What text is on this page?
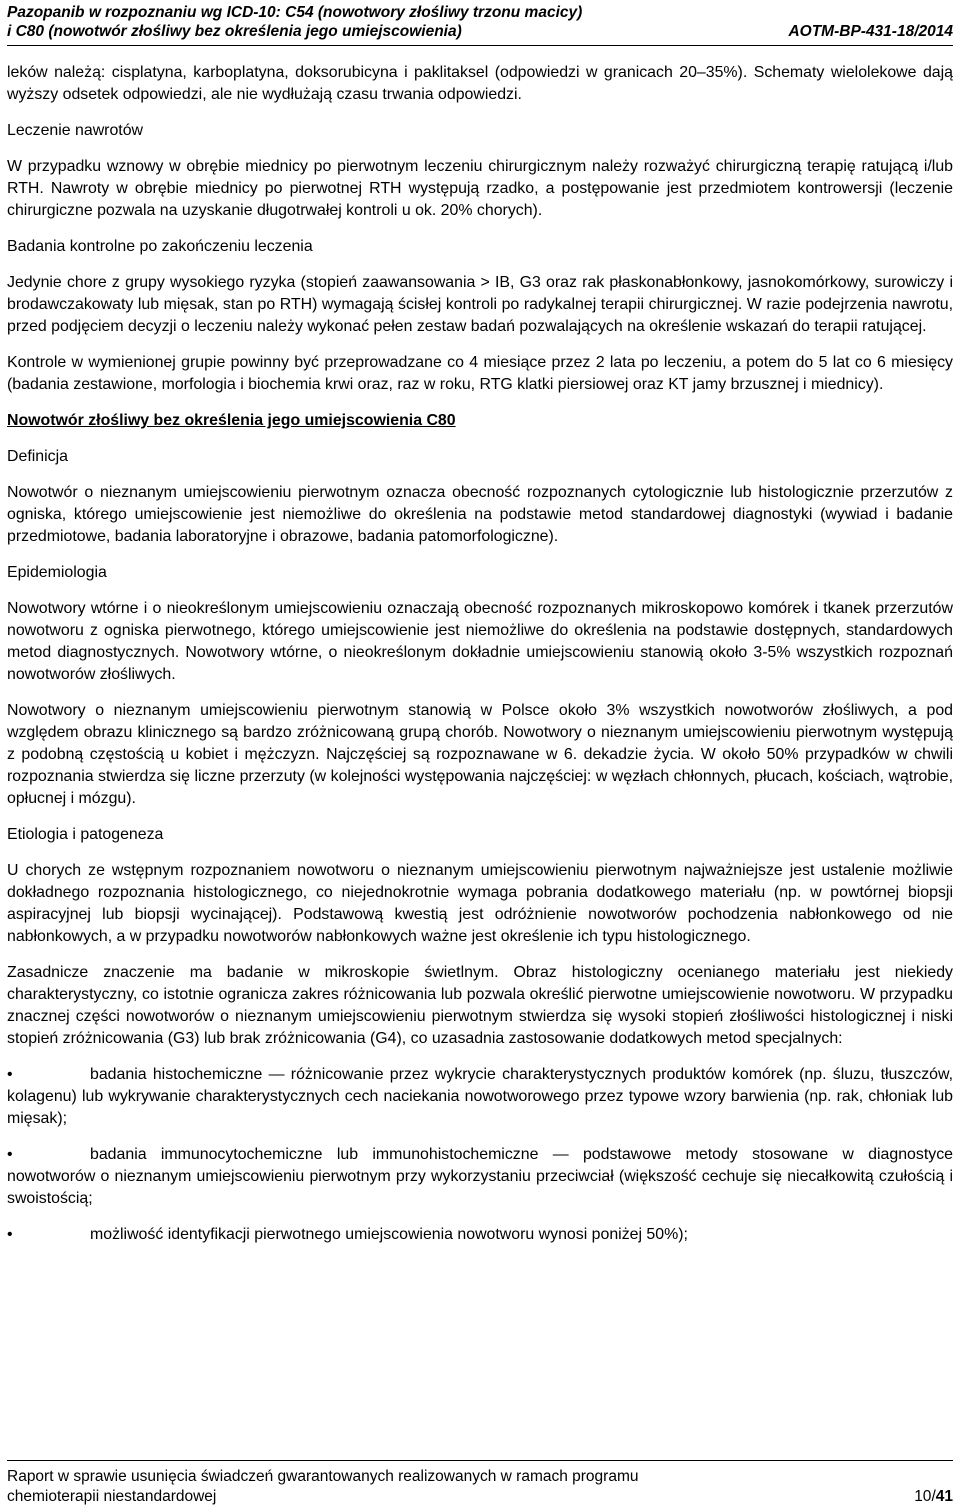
Pazopanib w rozpoznaniu wg ICD-10: C54 (nowotwory złośliwy trzonu macicy)
i C80 (nowotwór złośliwy bez określenia jego umiejscowienia)	AOTM-BP-431-18/2014

leków należą: cisplatyna, karboplatyna, doksorubicyna i paklitaksel (odpowiedzi w granicach 20–35%). Schematy wielolekowe dają wyższy odsetek odpowiedzi, ale nie wydłużają czasu trwania odpowiedzi.

Leczenie nawrotów

W przypadku wznowy w obrębie miednicy po pierwotnym leczeniu chirurgicznym należy rozważyć chirurgiczną terapię ratującą i/lub RTH. Nawroty w obrębie miednicy po pierwotnej RTH występują rzadko, a postępowanie jest przedmiotem kontrowersji (leczenie chirurgiczne pozwala na uzyskanie długotrwałej kontroli u ok. 20% chorych).

Badania kontrolne po zakończeniu leczenia

Jedynie chore z grupy wysokiego ryzyka (stopień zaawansowania > IB, G3 oraz rak płaskonabłonkowy, jasnokomórkowy, surowiczy i brodawczakowaty lub mięsak, stan po RTH) wymagają ścisłej kontroli po radykalnej terapii chirurgicznej. W razie podejrzenia nawrotu, przed podjęciem decyzji o leczeniu należy wykonać pełen zestaw badań pozwalających na określenie wskazań do terapii ratującej.

Kontrole w wymienionej grupie powinny być przeprowadzane co 4 miesiące przez 2 lata po leczeniu, a potem do 5 lat co 6 miesięcy (badania zestawione, morfologia i biochemia krwi oraz, raz w roku, RTG klatki piersiowej oraz KT jamy brzusznej i miednicy).

Nowotwór złośliwy bez określenia jego umiejscowienia C80

Definicja

Nowotwór o nieznanym umiejscowieniu pierwotnym oznacza obecność rozpoznanych cytologicznie lub histologicznie przerzutów z ogniska, którego umiejscowienie jest niemożliwe do określenia na podstawie metod standardowej diagnostyki (wywiad i badanie przedmiotowe, badania laboratoryjne i obrazowe, badania patomorfologiczne).

Epidemiologia

Nowotwory wtórne i o nieokreślonym umiejscowieniu oznaczają obecność rozpoznanych mikroskopowo komórek i tkanek przerzutów nowotworu z ogniska pierwotnego, którego umiejscowienie jest niemożliwe do określenia na podstawie dostępnych, standardowych metod diagnostycznych. Nowotwory wtórne, o nieokreślonym dokładnie umiejscowieniu stanowią około 3-5% wszystkich rozpoznań nowotworów złośliwych.

Nowotwory o nieznanym umiejscowieniu pierwotnym stanowią w Polsce około 3% wszystkich nowotworów złośliwych, a pod względem obrazu klinicznego są bardzo zróżnicowaną grupą chorób. Nowotwory o nieznanym umiejscowieniu pierwotnym występują z podobną częstością u kobiet i mężczyzn. Najczęściej są rozpoznawane w 6. dekadzie życia. W około 50% przypadków w chwili rozpoznania stwierdza się liczne przerzuty (w kolejności występowania najczęściej: w węzłach chłonnych, płucach, kościach, wątrobie, opłucnej i mózgu).

Etiologia i patogeneza

U chorych ze wstępnym rozpoznaniem nowotworu o nieznanym umiejscowieniu pierwotnym najważniejsze jest ustalenie możliwie dokładnego rozpoznania histologicznego, co niejednokrotnie wymaga pobrania dodatkowego materiału (np. w powtórnej biopsji aspiracyjnej lub biopsji wycinającej). Podstawową kwestią jest odróżnienie nowotworów pochodzenia nabłonkowego od nie nabłonkowych, a w przypadku nowotworów nabłonkowych ważne jest określenie ich typu histologicznego.

Zasadnicze znaczenie ma badanie w mikroskopie świetlnym. Obraz histologiczny ocenianego materiału jest niekiedy charakterystyczny, co istotnie ogranicza zakres różnicowania lub pozwala określić pierwotne umiejscowienie nowotworu. W przypadku znacznej części nowotworów o nieznanym umiejscowieniu pierwotnym stwierdza się wysoki stopień złośliwości histologicznej i niski stopień zróżnicowania (G3) lub brak zróżnicowania (G4), co uzasadnia zastosowanie dodatkowych metod specjalnych:

•	badania histochemiczne — różnicowanie przez wykrycie charakterystycznych produktów komórek (np. śluzu, tłuszczów, kolagenu) lub wykrywanie charakterystycznych cech naciekania nowotworowego przez typowe wzory barwienia (np. rak, chłoniak lub mięsak);

•	badania immunocytochemiczne lub immunohistochemiczne — podstawowe metody stosowane w diagnostyce nowotworów o nieznanym umiejscowieniu pierwotnym przy wykorzystaniu przeciwciał (większość cechuje się niecałkowitą czułością i swoistością;

•	możliwość identyfikacji pierwotnego umiejscowienia nowotworu wynosi poniżej 50%);

Raport w sprawie usunięcia świadczeń gwarantowanych realizowanych w ramach programu
chemioterapii niestandardowej	10/41
